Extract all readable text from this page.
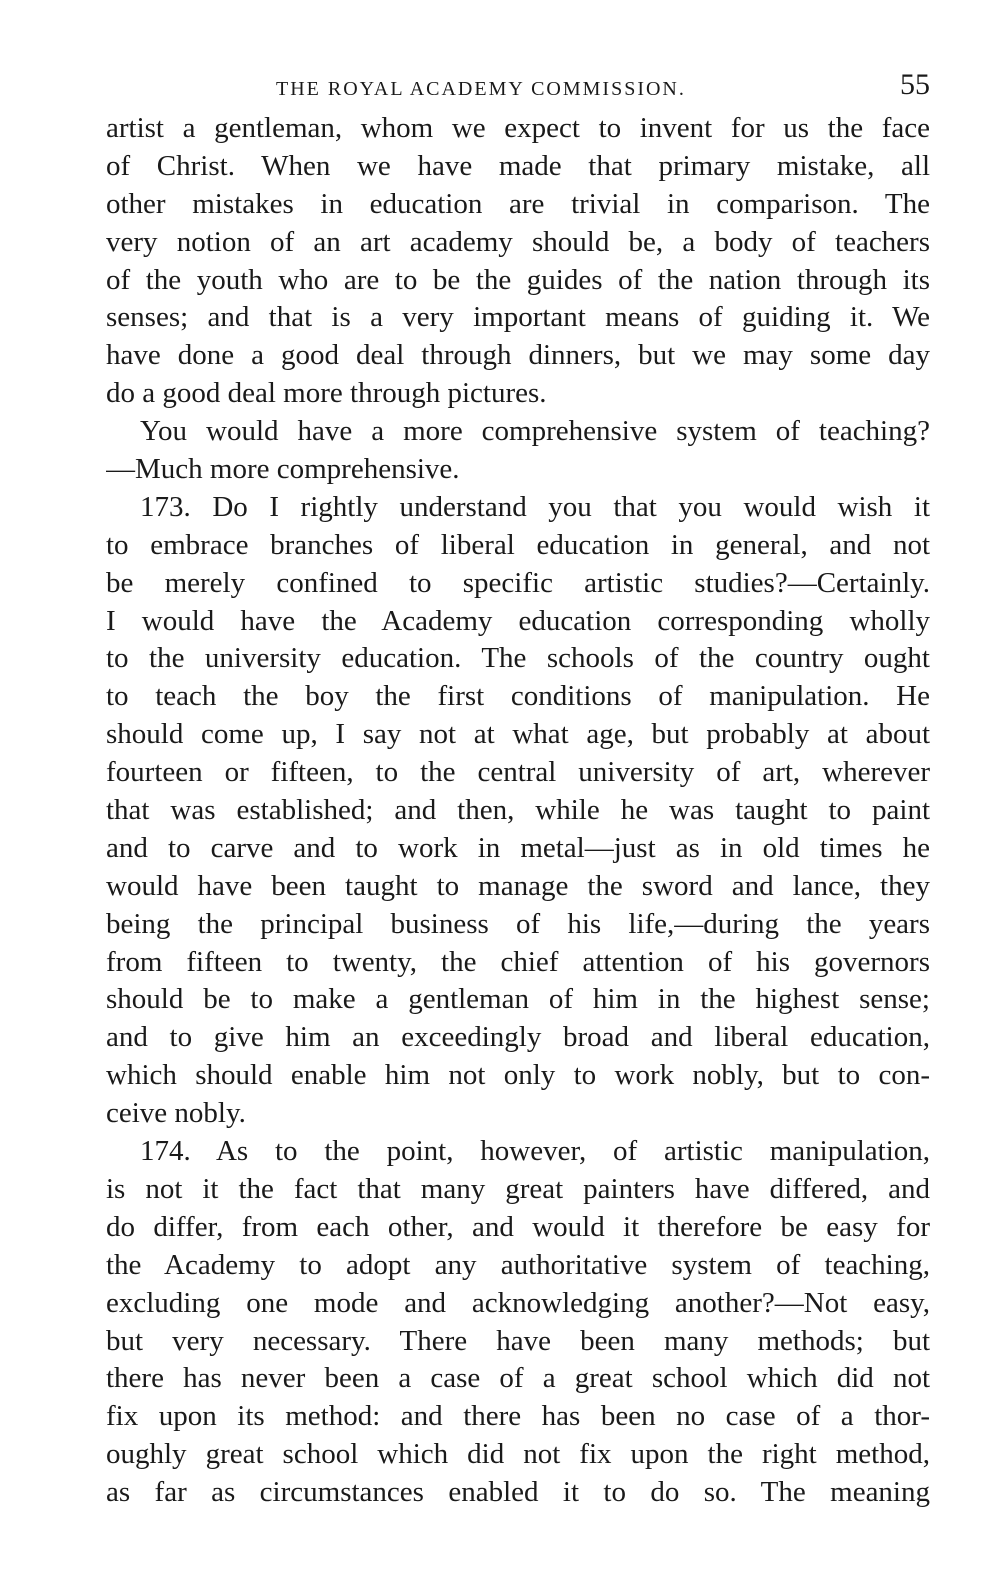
THE ROYAL ACADEMY COMMISSION.	55
artist a gentleman, whom we expect to invent for us the face
of Christ. When we have made that primary mistake, all
other mistakes in education are trivial in comparison. The
very notion of an art academy should be, a body of teachers
of the youth who are to be the guides of the nation through its
senses; and that is a very important means of guiding it. We
have done a good deal through dinners, but we may some day
do a good deal more through pictures.
You would have a more comprehensive system of teaching?
—Much more comprehensive.
173. Do I rightly understand you that you would wish it
to embrace branches of liberal education in general, and not
be merely confined to specific artistic studies?—Certainly.
I would have the Academy education corresponding wholly
to the university education. The schools of the country ought
to teach the boy the first conditions of manipulation. He
should come up, I say not at what age, but probably at about
fourteen or fifteen, to the central university of art, wherever
that was established; and then, while he was taught to paint
and to carve and to work in metal—just as in old times he
would have been taught to manage the sword and lance, they
being the principal business of his life,—during the years
from fifteen to twenty, the chief attention of his governors
should be to make a gentleman of him in the highest sense;
and to give him an exceedingly broad and liberal education,
which should enable him not only to work nobly, but to con-
ceive nobly.
174. As to the point, however, of artistic manipulation,
is not it the fact that many great painters have differed, and
do differ, from each other, and would it therefore be easy for
the Academy to adopt any authoritative system of teaching,
excluding one mode and acknowledging another?—Not easy,
but very necessary. There have been many methods; but
there has never been a case of a great school which did not
fix upon its method: and there has been no case of a thor-
oughly great school which did not fix upon the right method,
as far as circumstances enabled it to do so. The meaning
